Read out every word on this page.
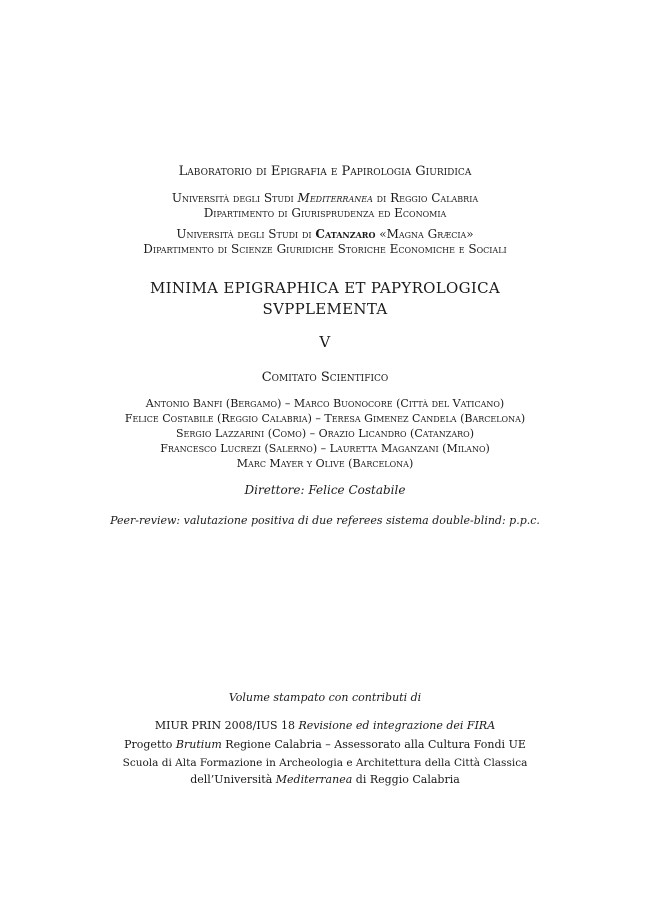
Laboratorio di Epigrafia e Papirologia Giuridica
Università degli Studi Mediterranea di Reggio Calabria
Dipartimento di Giurisprudenza ed Economia
Università degli Studi di Catanzaro «Magna Græcia»
Dipartimento di Scienze Giuridiche Storiche Economiche e Sociali
MINIMA EPIGRAPHICA ET PAPYROLOGICA
SVPPLEMENTA
V
Comitato Scientifico
Antonio Banfi (Bergamo) – Marco Buonocore (Città del Vaticano)
Felice Costabile (Reggio Calabria) – Teresa Gimenez Candela (Barcelona)
Sergio Lazzarini (Como) – Orazio Licandro (Catanzaro)
Francesco Lucrezi (Salerno) – Lauretta Maganzani (Milano)
Marc Mayer y Olive (Barcelona)
Direttore: Felice Costabile
Peer-review: valutazione positiva di due referees sistema double-blind: p.p.c.
Volume stampato con contributi di
MIUR PRIN 2008/IUS 18 Revisione ed integrazione dei FIRA
Progetto Brutium Regione Calabria – Assessorato alla Cultura Fondi UE
Scuola di Alta Formazione in Archeologia e Architettura della Città Classica
dell’Università Mediterranea di Reggio Calabria
